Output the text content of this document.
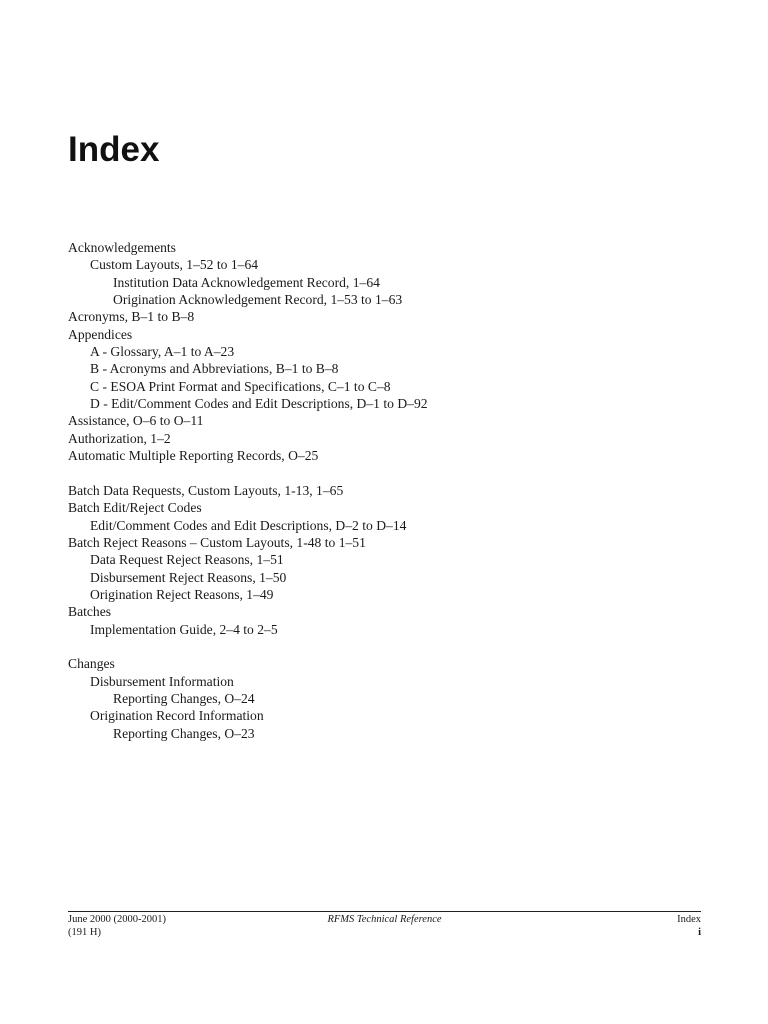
Index
Acknowledgements
Custom Layouts, 1–52 to 1–64
Institution Data Acknowledgement Record, 1–64
Origination Acknowledgement Record, 1–53 to 1–63
Acronyms, B–1 to B–8
Appendices
A - Glossary, A–1 to A–23
B - Acronyms and Abbreviations, B–1 to B–8
C - ESOA Print Format and Specifications, C–1 to C–8
D - Edit/Comment Codes and Edit Descriptions, D–1 to D–92
Assistance, O–6 to O–11
Authorization, 1–2
Automatic Multiple Reporting Records, O–25
Batch Data Requests, Custom Layouts, 1-13, 1–65
Batch Edit/Reject Codes
Edit/Comment Codes and Edit Descriptions, D–2 to D–14
Batch Reject Reasons – Custom Layouts, 1-48 to 1–51
Data Request Reject Reasons, 1–51
Disbursement Reject Reasons, 1–50
Origination Reject Reasons, 1–49
Batches
Implementation Guide, 2–4 to 2–5
Changes
Disbursement Information
Reporting Changes, O–24
Origination Record Information
Reporting Changes, O–23
June 2000 (2000-2001)
(191 H)
RFMS Technical Reference	Index
i
